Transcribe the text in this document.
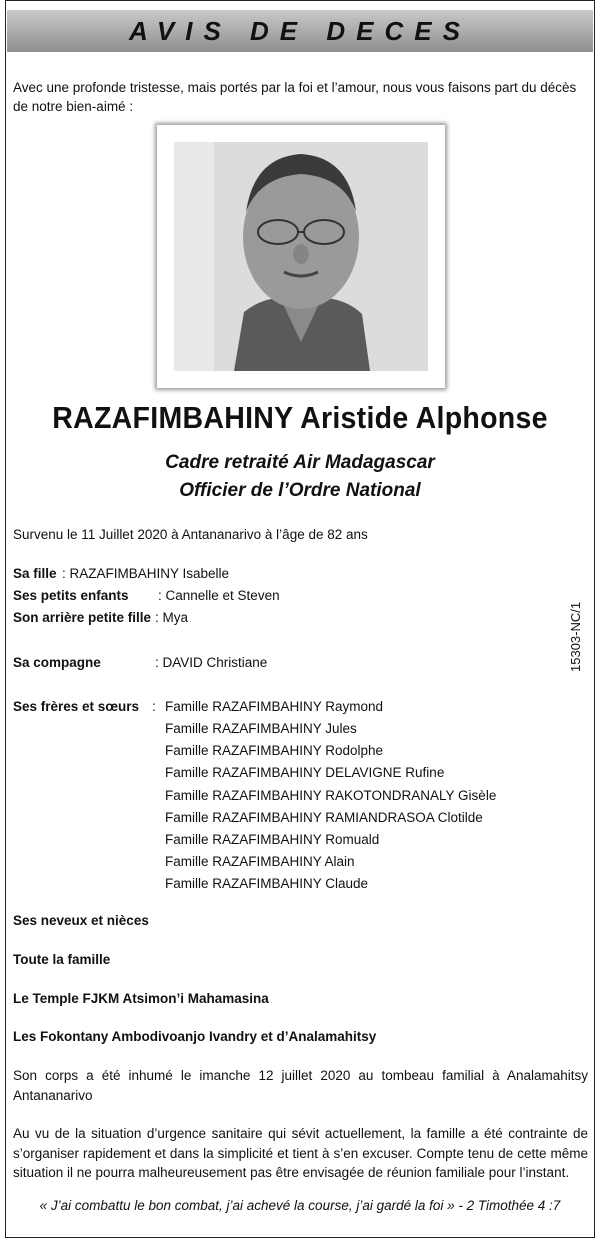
AVIS DE DECES
Avec une profonde tristesse, mais portés par la foi et l’amour, nous vous faisons part du décès de notre bien-aimé :
RAZAFIMBAHINY Aristide Alphonse
Cadre retraité Air Madagascar
Officier de l’Ordre National
Survenu le 11 Juillet 2020 à Antananarivo à l’âge de 82 ans
Sa fille : RAZAFIMBAHINY Isabelle
Ses petits enfants : Cannelle et Steven
Son arrière petite fille : Mya
Sa compagne	: DAVID Christiane
Ses frères et sœurs : Famille RAZAFIMBAHINY Raymond
Famille RAZAFIMBAHINY Jules
Famille RAZAFIMBAHINY Rodolphe
Famille RAZAFIMBAHINY DELAVIGNE Rufine
Famille RAZAFIMBAHINY RAKOTONDRANALY Gisèle
Famille RAZAFIMBAHINY RAMIANDRASOA Clotilde
Famille RAZAFIMBAHINY Romuald
Famille RAZAFIMBAHINY Alain
Famille RAZAFIMBAHINY Claude
Ses neveux et nièces
Toute la famille
Le Temple FJKM Atsimon’i Mahamasina
Les Fokontany Ambodivoanjo Ivandry et d’Analamahitsy
Son corps a été inhumé le imanche 12 juillet 2020 au tombeau familial à Analamahitsy Antananarivo
Au vu de la situation d’urgence sanitaire qui sévit actuellement, la famille a été contrainte de s’organiser rapidement et dans la simplicité et tient à s’en excuser. Compte tenu de cette même situation il ne pourra malheureusement pas être envisagée de réunion familiale pour l’instant.
« J’ai combattu le bon combat, j’ai achevé la course, j’ai gardé la foi » - 2 Timothée 4 :7
15303-NC/1
